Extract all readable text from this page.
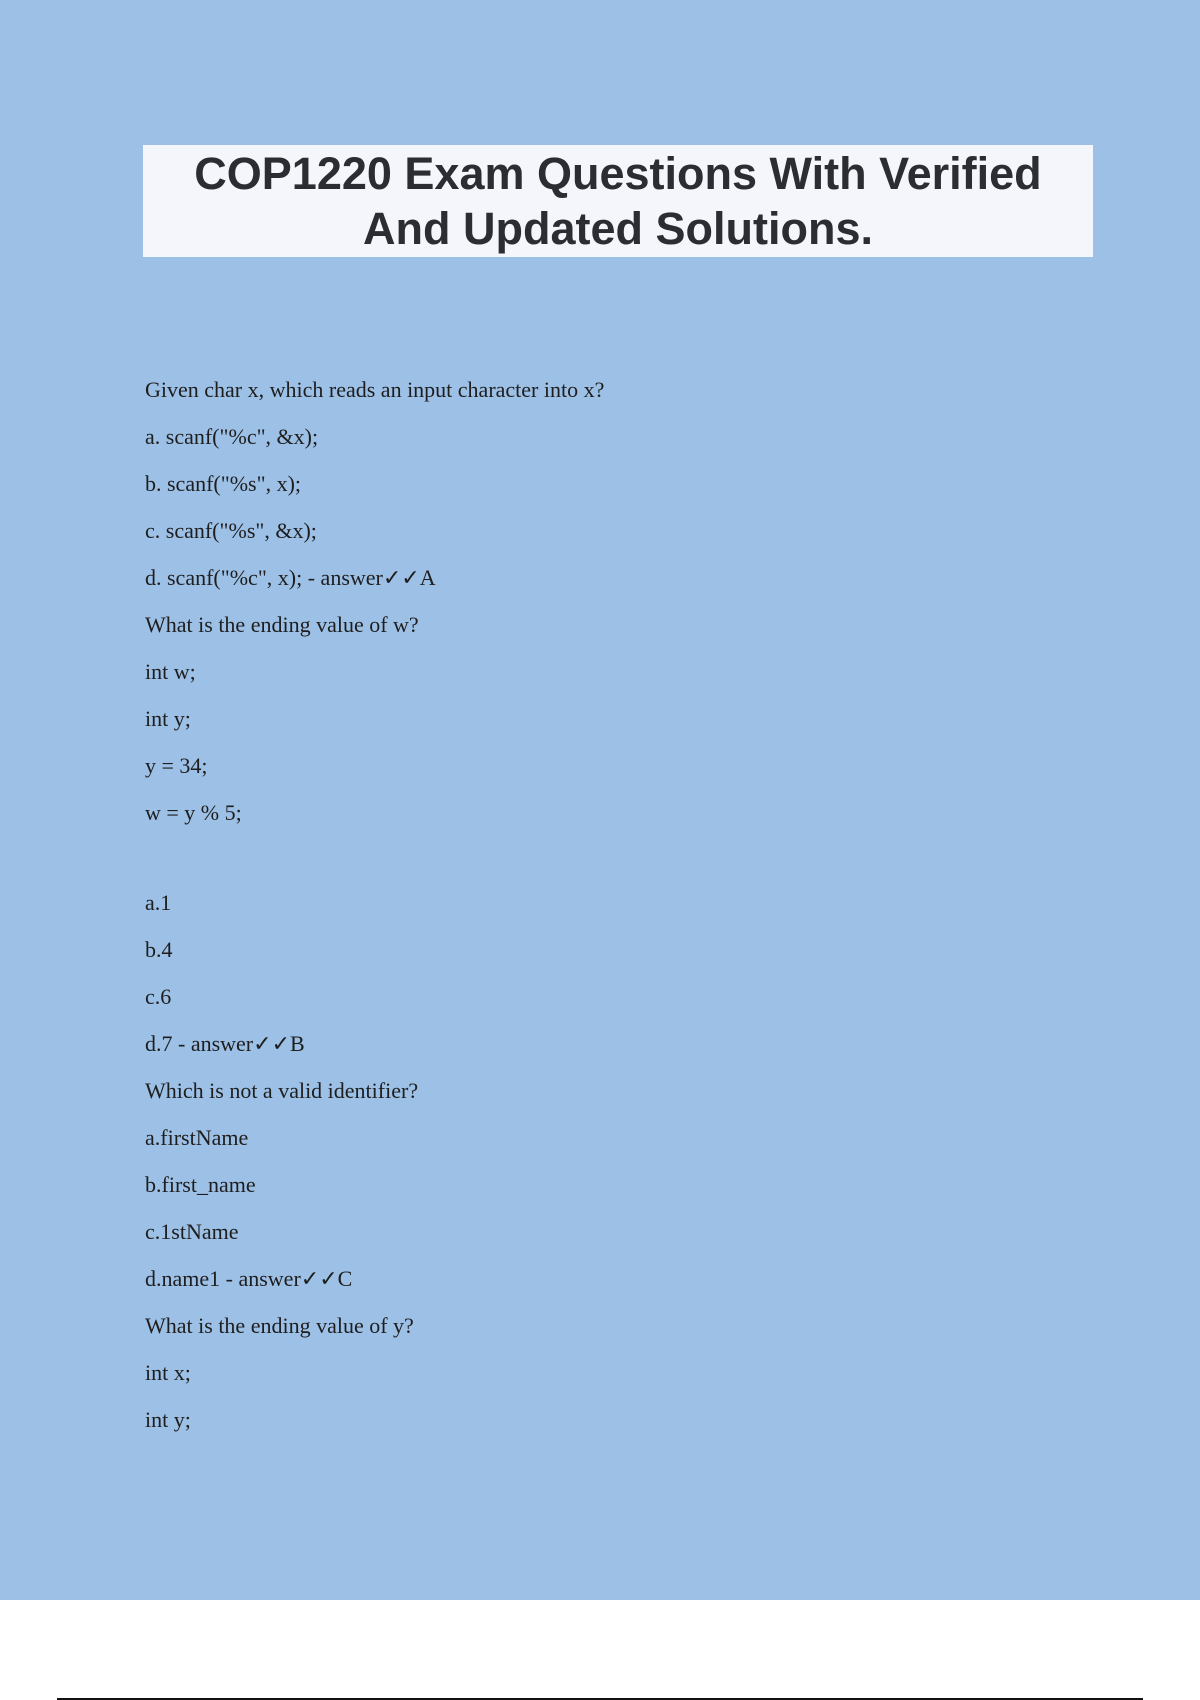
COP1220 Exam Questions With Verified And Updated Solutions.
Given char x, which reads an input character into x?
a. scanf("%c", &x);
b. scanf("%s", x);
c. scanf("%s", &x);
d. scanf("%c", x); - answer✓✓A
What is the ending value of w?
int w;
int y;
y = 34;
w = y % 5;
a.1
b.4
c.6
d.7 - answer✓✓B
Which is not a valid identifier?
a.firstName
b.first_name
c.1stName
d.name1 - answer✓✓C
What is the ending value of y?
int x;
int y;
